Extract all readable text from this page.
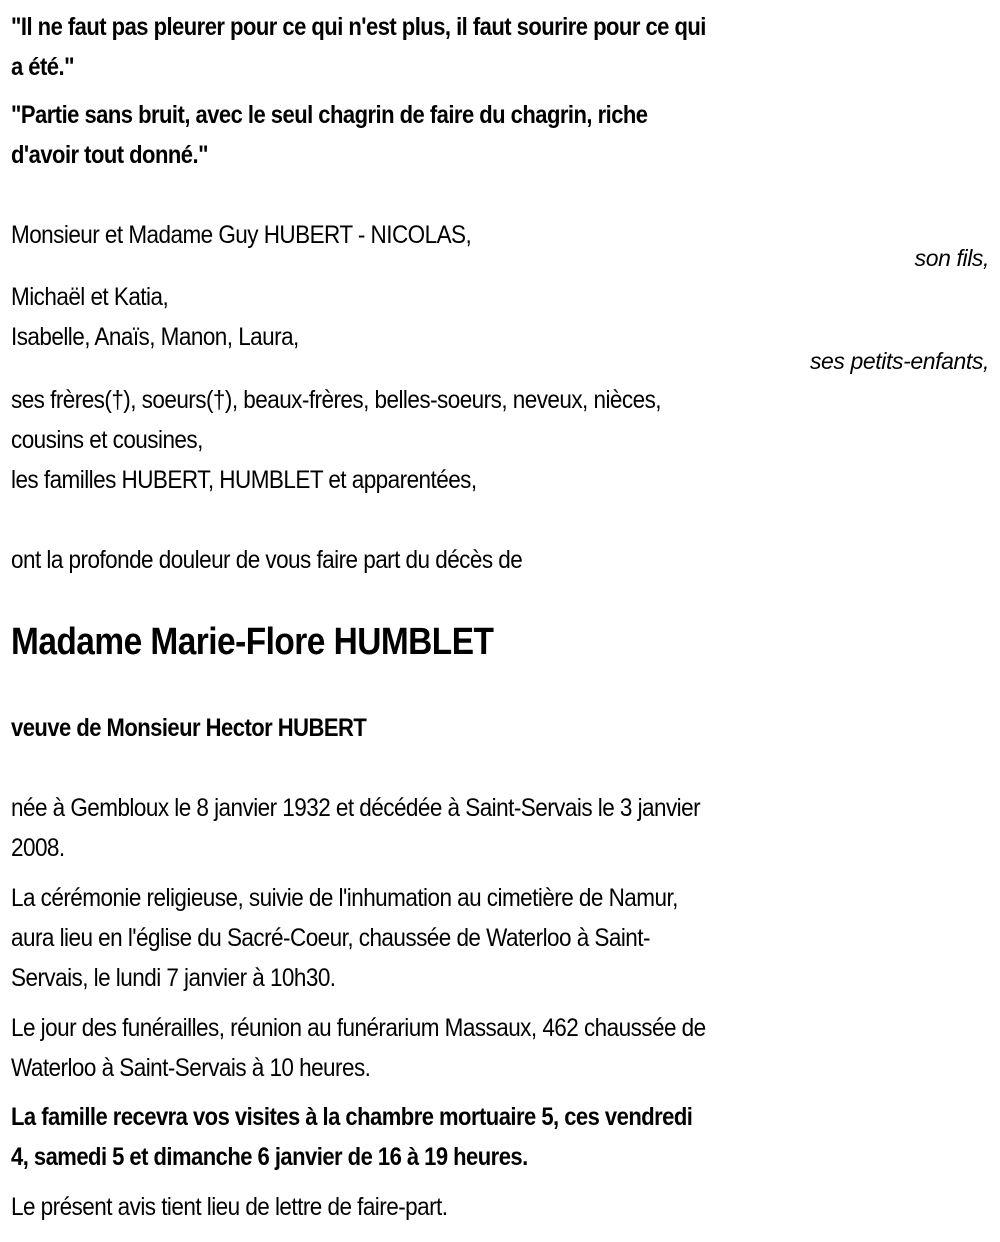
"Il ne faut pas pleurer pour ce qui n'est plus, il faut sourire pour ce qui
a été."
"Partie sans bruit, avec le seul chagrin de faire du chagrin, riche
d'avoir tout donné."
Monsieur et Madame Guy HUBERT - NICOLAS,
son fils,
Michaël et Katia,
Isabelle, Anaïs, Manon, Laura,
ses petits-enfants,
ses frères(†), soeurs(†), beaux-frères, belles-soeurs, neveux, nièces,
cousins et cousines,
les familles HUBERT, HUMBLET et apparentées,
ont la profonde douleur de vous faire part du décès de
Madame Marie-Flore HUMBLET
veuve de Monsieur Hector HUBERT
née à Gembloux le 8 janvier 1932 et décédée à Saint-Servais le 3 janvier
2008.
La cérémonie religieuse, suivie de l'inhumation au cimetière de Namur,
aura lieu en l'église du Sacré-Coeur, chaussée de Waterloo à Saint-
Servais, le lundi 7 janvier à 10h30.
Le jour des funérailles, réunion au funérarium Massaux, 462 chaussée de
Waterloo à Saint-Servais à 10 heures.
La famille recevra vos visites à la chambre mortuaire 5, ces vendredi
4, samedi 5 et dimanche 6 janvier de 16 à 19 heures.
Le présent avis tient lieu de lettre de faire-part.
